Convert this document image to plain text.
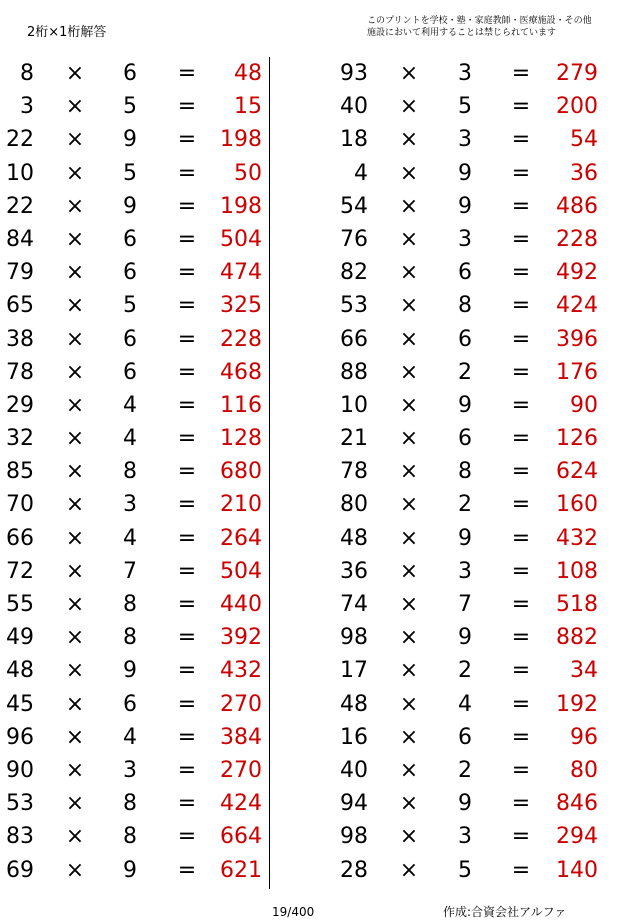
2桁×1桁解答
このプリントを学校・塾・家庭教師・医療施設・その他
施設において利用することは禁じられています
8 ×	6	=	48
3 ×	5	=	15
22 ×	9	=	198
10 ×	5	=	50
22 ×	9	=	198
84 ×	6	=	504
79 ×	6	=	474
65 ×	5	=	325
38 ×	6	=	228
78 ×	6	=	468
29 ×	4	=	116
32 ×	4	=	128
85 ×	8	=	680
70 ×	3	=	210
66 ×	4	=	264
72 ×	7	=	504
55 ×	8	=	440
49 ×	8	=	392
48 ×	9	=	432
45 ×	6	=	270
96 ×	4	=	384
90 ×	3	=	270
53 ×	8	=	424
83 ×	8	=	664
69 ×	9	=	621
93 ×	3	=	279
40 ×	5	=	200
18 ×	3	=	54
4 ×	9	=	36
54 ×	9	=	486
76 ×	3	=	228
82 ×	6	=	492
53 ×	8	=	424
66 ×	6	=	396
88 ×	2	=	176
10 ×	9	=	90
21 ×	6	=	126
78 ×	8	=	624
80 ×	2	=	160
48 ×	9	=	432
36 ×	3	=	108
74 ×	7	=	518
98 ×	9	=	882
17 ×	2	=	34
48 ×	4	=	192
16 ×	6	=	96
40 ×	2	=	80
94 ×	9	=	846
98 ×	3	=	294
28 ×	5	=	140
19/400	作成:合資会社アルファ
